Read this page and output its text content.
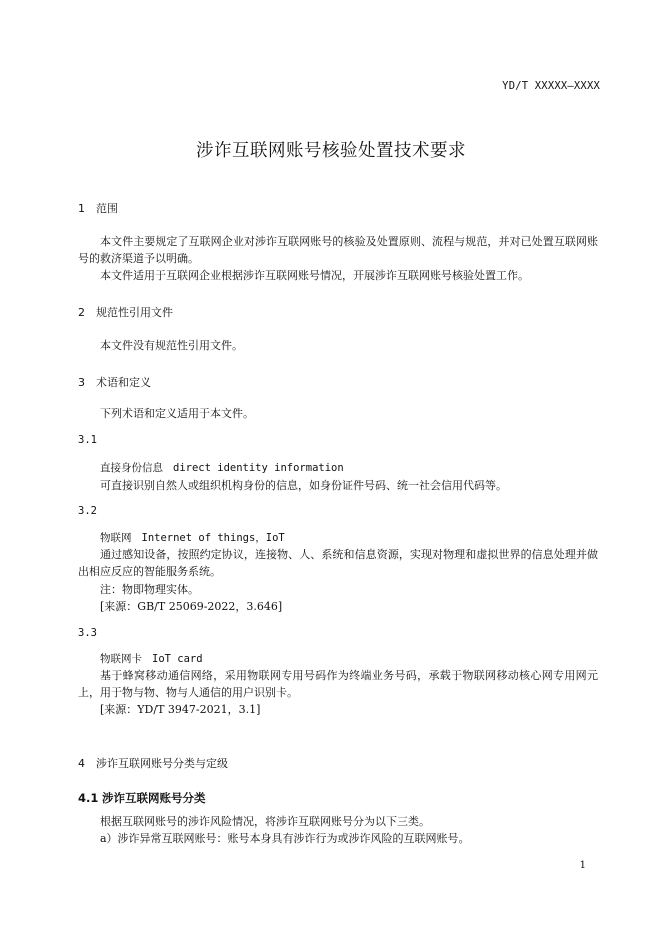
YD/T XXXXX—XXXX
涉诈互联网账号核验处置技术要求
1 范围

本文件主要规定了互联网企业对涉诈互联网账号的核验及处置原则、流程与规范，并对已处置互联网账号的救济渠道予以明确。

本文件适用于互联网企业根据涉诈互联网账号情况，开展涉诈互联网账号核验处置工作。

2 规范性引用文件

本文件没有规范性引用文件。

3 术语和定义

下列术语和定义适用于本文件。

3.1
直接身份信息 direct identity information

可直接识别自然人或组织机构身份的信息，如身份证件号码、统一社会信用代码等。

3.2
物联网 Internet of things，IoT

通过感知设备，按照约定协议，连接物、人、系统和信息资源，实现对物理和虚拟世界的信息处理并做出相应反应的智能服务系统。

注：物即物理实体。

[来源：GB/T 25069-2022，3.646]

3.3
物联网卡 IoT card

基于蜂窝移动通信网络，采用物联网专用号码作为终端业务号码，承载于物联网移动核心网专用网元上，用于物与物、物与人通信的用户识别卡。

[来源：YD/T 3947-2021，3.1]

4 涉诈互联网账号分类与定级
4.1 涉诈互联网账号分类

根据互联网账号的涉诈风险情况，将涉诈互联网账号分为以下三类。

a）涉诈异常互联网账号：账号本身具有涉诈行为或涉诈风险的互联网账号。

1
